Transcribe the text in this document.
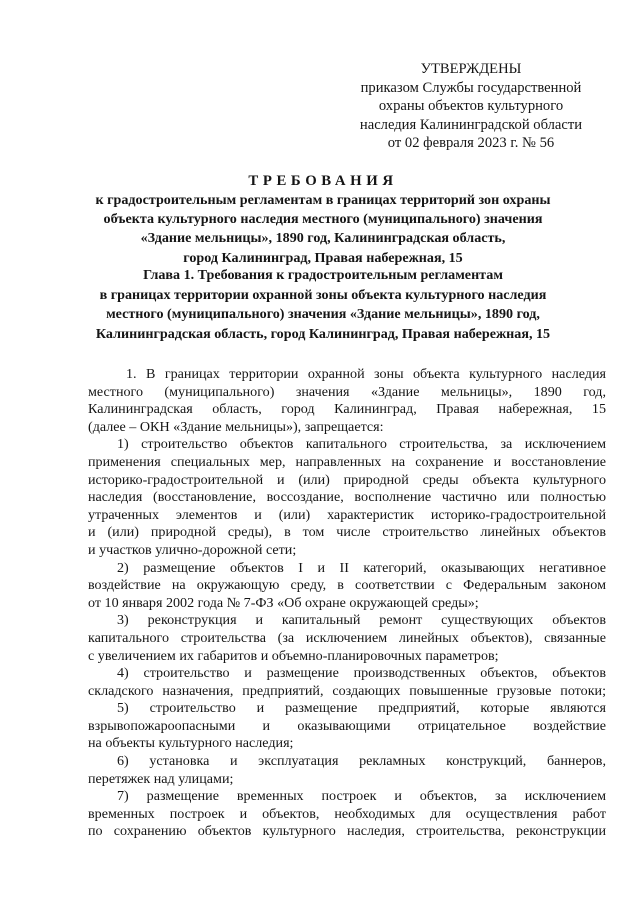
УТВЕРЖДЕНЫ
приказом Службы государственной
охраны объектов культурного
наследия Калининградской области
от 02 февраля 2023 г. № 56
ТРЕБОВАНИЯ
к градостроительным регламентам в границах территорий зон охраны
объекта культурного наследия местного (муниципального) значения
«Здание мельницы», 1890 год, Калининградская область,
город Калининград, Правая набережная, 15
Глава 1. Требования к градостроительным регламентам
в границах территории охранной зоны объекта культурного наследия
местного (муниципального) значения «Здание мельницы», 1890 год,
Калининградская область, город Калининград, Правая набережная, 15
1. В границах территории охранной зоны объекта культурного наследия
местного (муниципального) значения «Здание мельницы», 1890 год,
Калининградская область, город Калининград, Правая набережная, 15
(далее – ОКН «Здание мельницы»), запрещается:
1) строительство объектов капитального строительства, за исключением
применения специальных мер, направленных на сохранение и восстановление
историко-градостроительной и (или) природной среды объекта культурного
наследия (восстановление, воссоздание, восполнение частично или полностью
утраченных элементов и (или) характеристик историко-градостроительной
и (или) природной среды), в том числе строительство линейных объектов
и участков улично-дорожной сети;
2) размещение объектов I и II категорий, оказывающих негативное
воздействие на окружающую среду, в соответствии с Федеральным законом
от 10 января 2002 года № 7-ФЗ «Об охране окружающей среды»;
3) реконструкция и капитальный ремонт существующих объектов
капитального строительства (за исключением линейных объектов), связанные
с увеличением их габаритов и объемно-планировочных параметров;
4) строительство и размещение производственных объектов, объектов
складского назначения, предприятий, создающих повышенные грузовые потоки;
5) строительство и размещение предприятий, которые являются
взрывопожароопасными и оказывающими отрицательное воздействие
на объекты культурного наследия;
6) установка и эксплуатация рекламных конструкций, баннеров,
перетяжек над улицами;
7) размещение временных построек и объектов, за исключением
временных построек и объектов, необходимых для осуществления работ
по сохранению объектов культурного наследия, строительства, реконструкции
